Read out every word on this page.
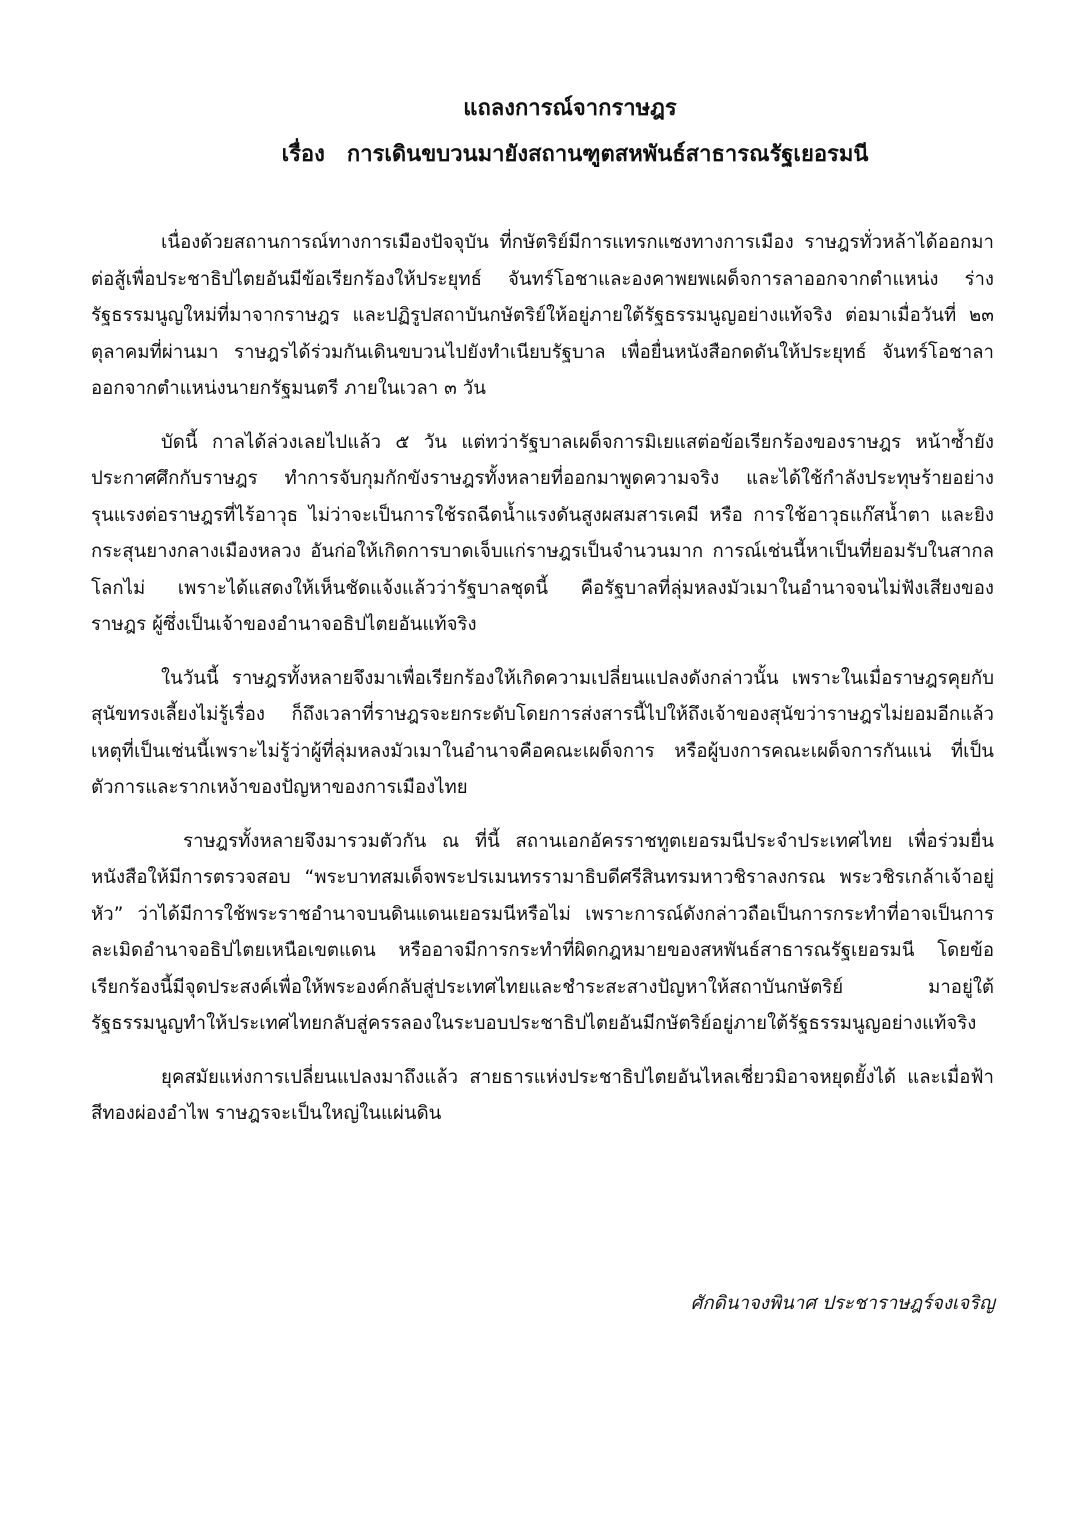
แถลงการณ์จากราษฎร
เรื่อง การเดินขบวนมายังสถานฑูตสหพันธ์สาธารณรัฐเยอรมนี

เนื่องด้วยสถานการณ์ทางการเมืองปัจจุบัน ที่กษัตริย์มีการแทรกแซงทางการเมือง ราษฎรทั่วหล้าได้ออกมาต่อสู้เพื่อประชาธิปไตยอันมีข้อเรียกร้องให้ประยุทธ์ จันทร์โอชาและองคาพยพเผด็จการลาออกจากตำแหน่ง ร่างรัฐธรรมนูญใหม่ที่มาจากราษฎร และปฏิรูปสถาบันกษัตริย์ให้อยู่ภายใต้รัฐธรรมนูญอย่างแท้จริง ต่อมาเมื่อวันที่ ๒๓ ตุลาคมที่ผ่านมา ราษฎรได้ร่วมกันเดินขบวนไปยังทำเนียบรัฐบาล เพื่อยื่นหนังสือกดดันให้ประยุทธ์ จันทร์โอชาลาออกจากตำแหน่งนายกรัฐมนตรี ภายในเวลา ๓ วัน

บัดนี้ กาลได้ล่วงเลยไปแล้ว ๕ วัน แต่ทว่ารัฐบาลเผด็จการมิเยแสต่อข้อเรียกร้องของราษฎร หน้าซ้ำยังประกาศศึกกับราษฎร ทำการจับกุมกักขังราษฎรทั้งหลายที่ออกมาพูดความจริง และได้ใช้กำลังประทุษร้ายอย่างรุนแรงต่อราษฎรที่ไร้อาวุธ ไม่ว่าจะเป็นการใช้รถฉีดน้ำแรงดันสูงผสมสารเคมี หรือ การใช้อาวุธแก๊สน้ำตา และยิงกระสุนยางกลางเมืองหลวง อันก่อให้เกิดการบาดเจ็บแก่ราษฎรเป็นจำนวนมาก การณ์เช่นนี้หาเป็นที่ยอมรับในสากลโลกไม่ เพราะได้แสดงให้เห็นชัดแจ้งแล้วว่ารัฐบาลชุดนี้ คือรัฐบาลที่ลุ่มหลงมัวเมาในอำนาจจนไม่ฟังเสียงของราษฎร ผู้ซึ่งเป็นเจ้าของอำนาจอธิปไตยอันแท้จริง

ในวันนี้ ราษฎรทั้งหลายจึงมาเพื่อเรียกร้องให้เกิดความเปลี่ยนแปลงดังกล่าวนั้น เพราะในเมื่อราษฎรคุยกับสุนัขทรงเลี้ยงไม่รู้เรื่อง ก็ถึงเวลาที่ราษฎรจะยกระดับโดยการส่งสารนี้ไปให้ถึงเจ้าของสุนัขว่าราษฎรไม่ยอมอีกแล้ว เหตุที่เป็นเช่นนี้เพราะไม่รู้ว่าผู้ที่ลุ่มหลงมัวเมาในอำนาจคือคณะเผด็จการ หรือผู้บงการคณะเผด็จการกันแน่ ที่เป็นตัวการและรากเหง้าของปัญหาของการเมืองไทย

ราษฎรทั้งหลายจึงมารวมตัวกัน ณ ที่นี้ สถานเอกอัครราชทูตเยอรมนีประจำประเทศไทย เพื่อร่วมยื่นหนังสือให้มีการตรวจสอบ “พระบาทสมเด็จพระปรเมนทรรามาธิบดีศรีสินทรมหาวชิราลงกรณ พระวชิรเกล้าเจ้าอยู่หัว” ว่าได้มีการใช้พระราชอำนาจบนดินแดนเยอรมนีหรือไม่ เพราะการณ์ดังกล่าวถือเป็นการกระทำที่อาจเป็นการละเมิดอำนาจอธิปไตยเหนือเขตแดน หรืออาจมีการกระทำที่ผิดกฎหมายของสหพันธ์สาธารณรัฐเยอรมนี โดยข้อเรียกร้องนี้มีจุดประสงค์เพื่อให้พระองค์กลับสู่ประเทศไทยและชำระสะสางปัญหาให้สถาบันกษัตริย์ มาอยู่ใต้รัฐธรรมนูญทำให้ประเทศไทยกลับสู่ครรลองในระบอบประชาธิปไตยอันมีกษัตริย์อยู่ภายใต้รัฐธรรมนูญอย่างแท้จริง

ยุคสมัยแห่งการเปลี่ยนแปลงมาถึงแล้ว สายธารแห่งประชาธิปไตยอันไหลเชี่ยวมิอาจหยุดยั้งได้ และเมื่อฟ้าสีทองผ่องอำไพ ราษฎรจะเป็นใหญ่ในแผ่นดิน

ศักดินาจงพินาศ ประชาราษฎร์จงเจริญ
